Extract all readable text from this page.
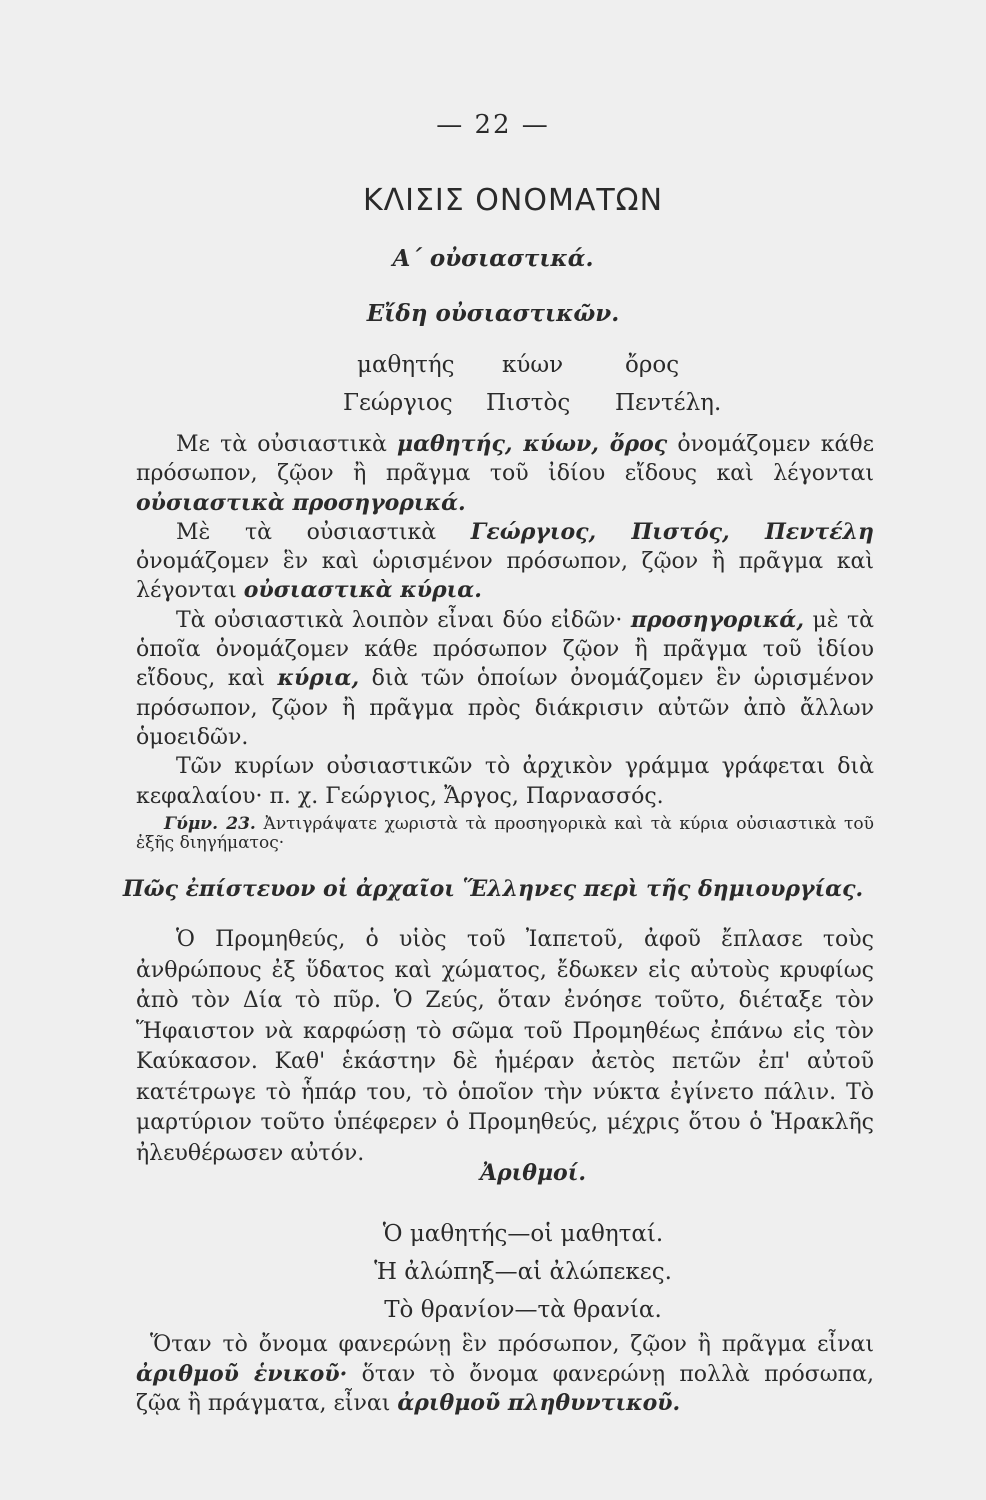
— 22 —
ΚΛΙΣΙΣ ΟΝΟΜΑΤΩΝ
Α΄ οὐσιαστικά.
Εἴδη οὐσιαστικῶν.
μαθητής κύων	ὄρος
Γεώργιος Πιστὸς Πεντέλη.

Με τὰ οὐσιαστικὰ μαθητής, κύων, ὄρος ὀνομάζομεν κάθε πρόσωπον, ζῷον ἢ πρᾶγμα τοῦ ἰδίου εἴδους καὶ λέγονται οὐσιαστικὰ προσηγορικά.

Μὲ τὰ οὐσιαστικὰ Γεώργιος, Πιστός, Πεντέλη ὀνομάζομεν ἓν καὶ ὡρισμένον πρόσωπον, ζῷον ἢ πρᾶγμα καὶ λέγονται οὐσιαστικὰ κύρια.

Τὰ οὐσιαστικὰ λοιπὸν εἶναι δύο εἰδῶν· προσηγορικά, μὲ τὰ ὁποῖα ὀνομάζομεν κάθε πρόσωπον ζῷον ἢ πρᾶγμα τοῦ ἰδίου εἴδους, καὶ κύρια, διὰ τῶν ὁποίων ὀνομάζομεν ἓν ὡρισμένον πρόσωπον, ζῷον ἢ πρᾶγμα πρὸς διάκρισιν αὐτῶν ἀπὸ ἄλλων ὁμοειδῶν.

Τῶν κυρίων οὐσιαστικῶν τὸ ἀρχικὸν γράμμα γράφεται διὰ κεφαλαίου· π. χ. Γεώργιος, Ἄργος, Παρνασσός.

Γύμν. 23. Ἀντιγράψατε χωριστὰ τὰ προσηγορικὰ καὶ τὰ κύρια οὐσιαστικὰ τοῦ ἑξῆς διηγήματος·
Πῶς ἐπίστευον οἱ ἀρχαῖοι Ἕλληνες περὶ τῆς δημιουργίας.
Ὁ Προμηθεύς, ὁ υἱὸς τοῦ Ἰαπετοῦ, ἀφοῦ ἔπλασε τοὺς ἀνθρώπους ἐξ ὕδατος καὶ χώματος, ἔδωκεν εἰς αὐτοὺς κρυφίως ἀπὸ τὸν Δία τὸ πῦρ. Ὁ Ζεύς, ὅταν ἐνόησε τοῦτο, διέταξε τὸν Ἥφαιστον νὰ καρφώσῃ τὸ σῶμα τοῦ Προμηθέως ἐπάνω εἰς τὸν Καύκασον. Καθ' ἑκάστην δὲ ἡμέραν ἀετὸς πετῶν ἐπ' αὐτοῦ κατέτρωγε τὸ ἧπάρ του, τὸ ὁποῖον τὴν νύκτα ἐγίνετο πάλιν. Τὸ μαρτύριον τοῦτο ὑπέφερεν ὁ Προμηθεύς, μέχρις ὅτου ὁ Ἡρακλῆς ἠλευθέρωσεν αὐτόν.
Ἀριθμοί.
Ὁ μαθητής—οἱ μαθηταί.
Ἡ ἀλώπηξ—αἱ ἀλώπεκες.
Τὸ θρανίον—τὰ θρανία.
Ὅταν τὸ ὄνομα φανερώνῃ ἓν πρόσωπον, ζῷον ἢ πρᾶγμα εἶναι ἀριθμοῦ ἑνικοῦ· ὅταν τὸ ὄνομα φανερώνῃ πολλὰ πρόσωπα, ζῷα ἢ πράγματα, εἶναι ἀριθμοῦ πληθυντικοῦ.
